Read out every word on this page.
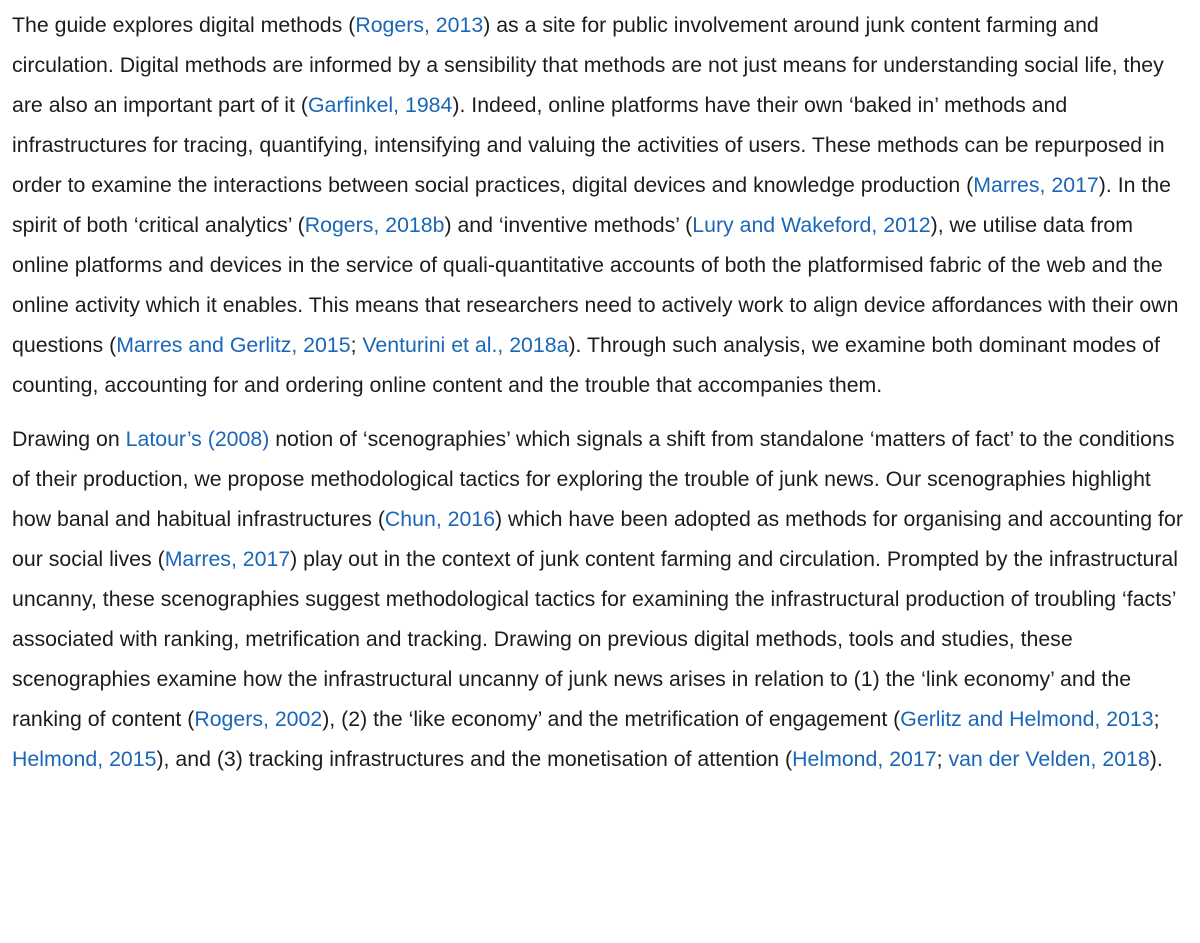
The guide explores digital methods (Rogers, 2013) as a site for public involvement around junk content farming and circulation. Digital methods are informed by a sensibility that methods are not just means for understanding social life, they are also an important part of it (Garfinkel, 1984). Indeed, online platforms have their own ‘baked in’ methods and infrastructures for tracing, quantifying, intensifying and valuing the activities of users. These methods can be repurposed in order to examine the interactions between social practices, digital devices and knowledge production (Marres, 2017). In the spirit of both ‘critical analytics’ (Rogers, 2018b) and ‘inventive methods’ (Lury and Wakeford, 2012), we utilise data from online platforms and devices in the service of quali-quantitative accounts of both the platformised fabric of the web and the online activity which it enables. This means that researchers need to actively work to align device affordances with their own questions (Marres and Gerlitz, 2015; Venturini et al., 2018a). Through such analysis, we examine both dominant modes of counting, accounting for and ordering online content and the trouble that accompanies them.

Drawing on Latour’s (2008) notion of ‘scenographies’ which signals a shift from standalone ‘matters of fact’ to the conditions of their production, we propose methodological tactics for exploring the trouble of junk news. Our scenographies highlight how banal and habitual infrastructures (Chun, 2016) which have been adopted as methods for organising and accounting for our social lives (Marres, 2017) play out in the context of junk content farming and circulation. Prompted by the infrastructural uncanny, these scenographies suggest methodological tactics for examining the infrastructural production of troubling ‘facts’ associated with ranking, metrification and tracking. Drawing on previous digital methods, tools and studies, these scenographies examine how the infrastructural uncanny of junk news arises in relation to (1) the ‘link economy’ and the ranking of content (Rogers, 2002), (2) the ‘like economy’ and the metrification of engagement (Gerlitz and Helmond, 2013; Helmond, 2015), and (3) tracking infrastructures and the monetisation of attention (Helmond, 2017; van der Velden, 2018).
